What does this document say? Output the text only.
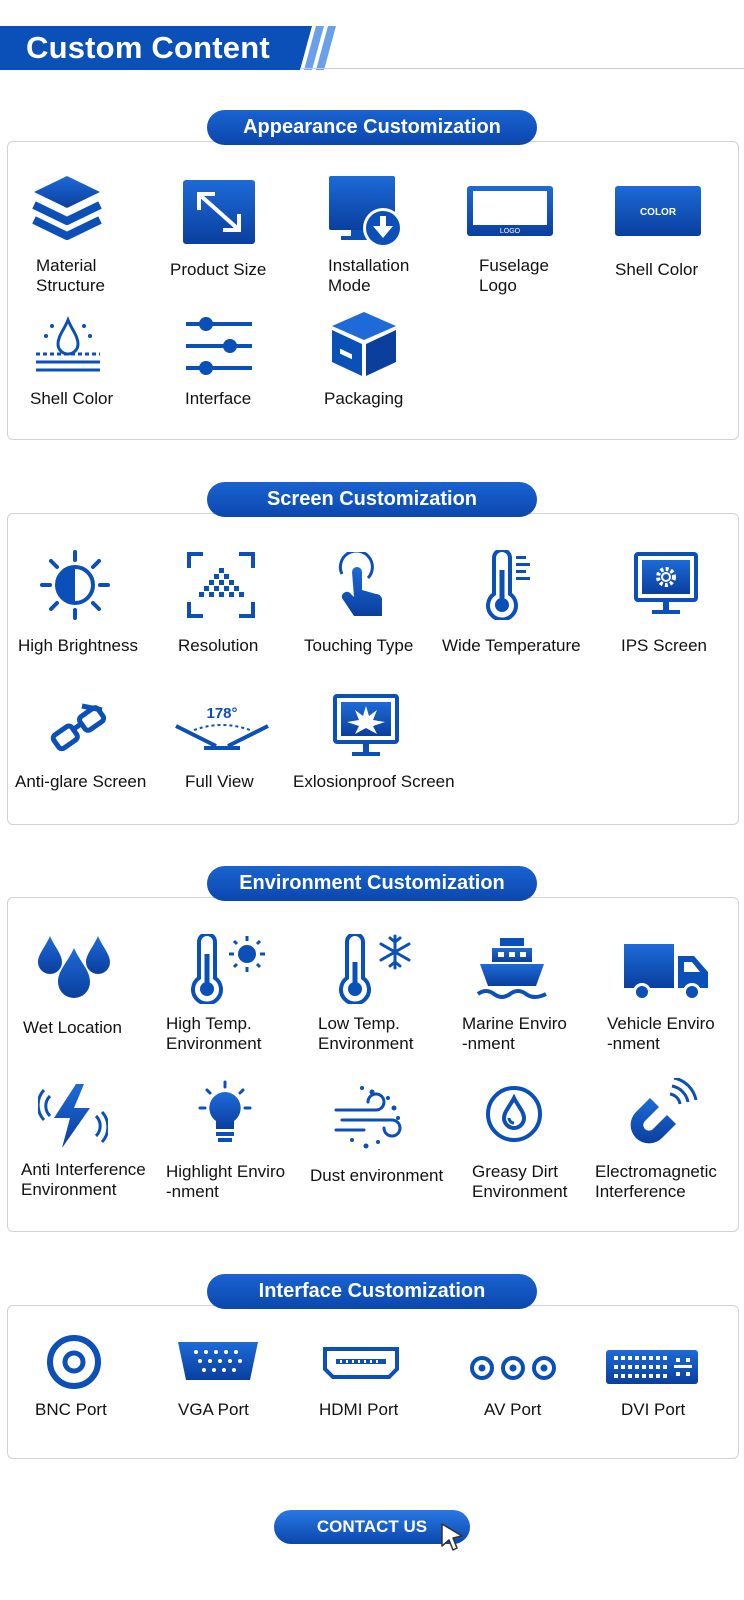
Custom Content
Appearance Customization
Material
Structure
Product Size	Installation
Mode
LOGO
Fuselage
Logo
COLOR
Shell Color
Shell Color	Interface	Packaging
Screen Customization
High Brightness Resolution	Touching Type Wide Temperature IPS Screen
Anti-glare Screen
178°
Full View Exlosionproof Screen
Environment Customization
Wet Location	High Temp.
Environment
Low Temp.
Environment
Marine Enviro
-nment
Vehicle Enviro
-nment
Anti Interference
Environment
Highlight Enviro
-nment
Dust environment Greasy Dirt
Environment
Electromagnetic
Interference
Interface Customization
BNC Port	VGA Port	HDMI Port	AV Port	DVI Port
CONTACT US
